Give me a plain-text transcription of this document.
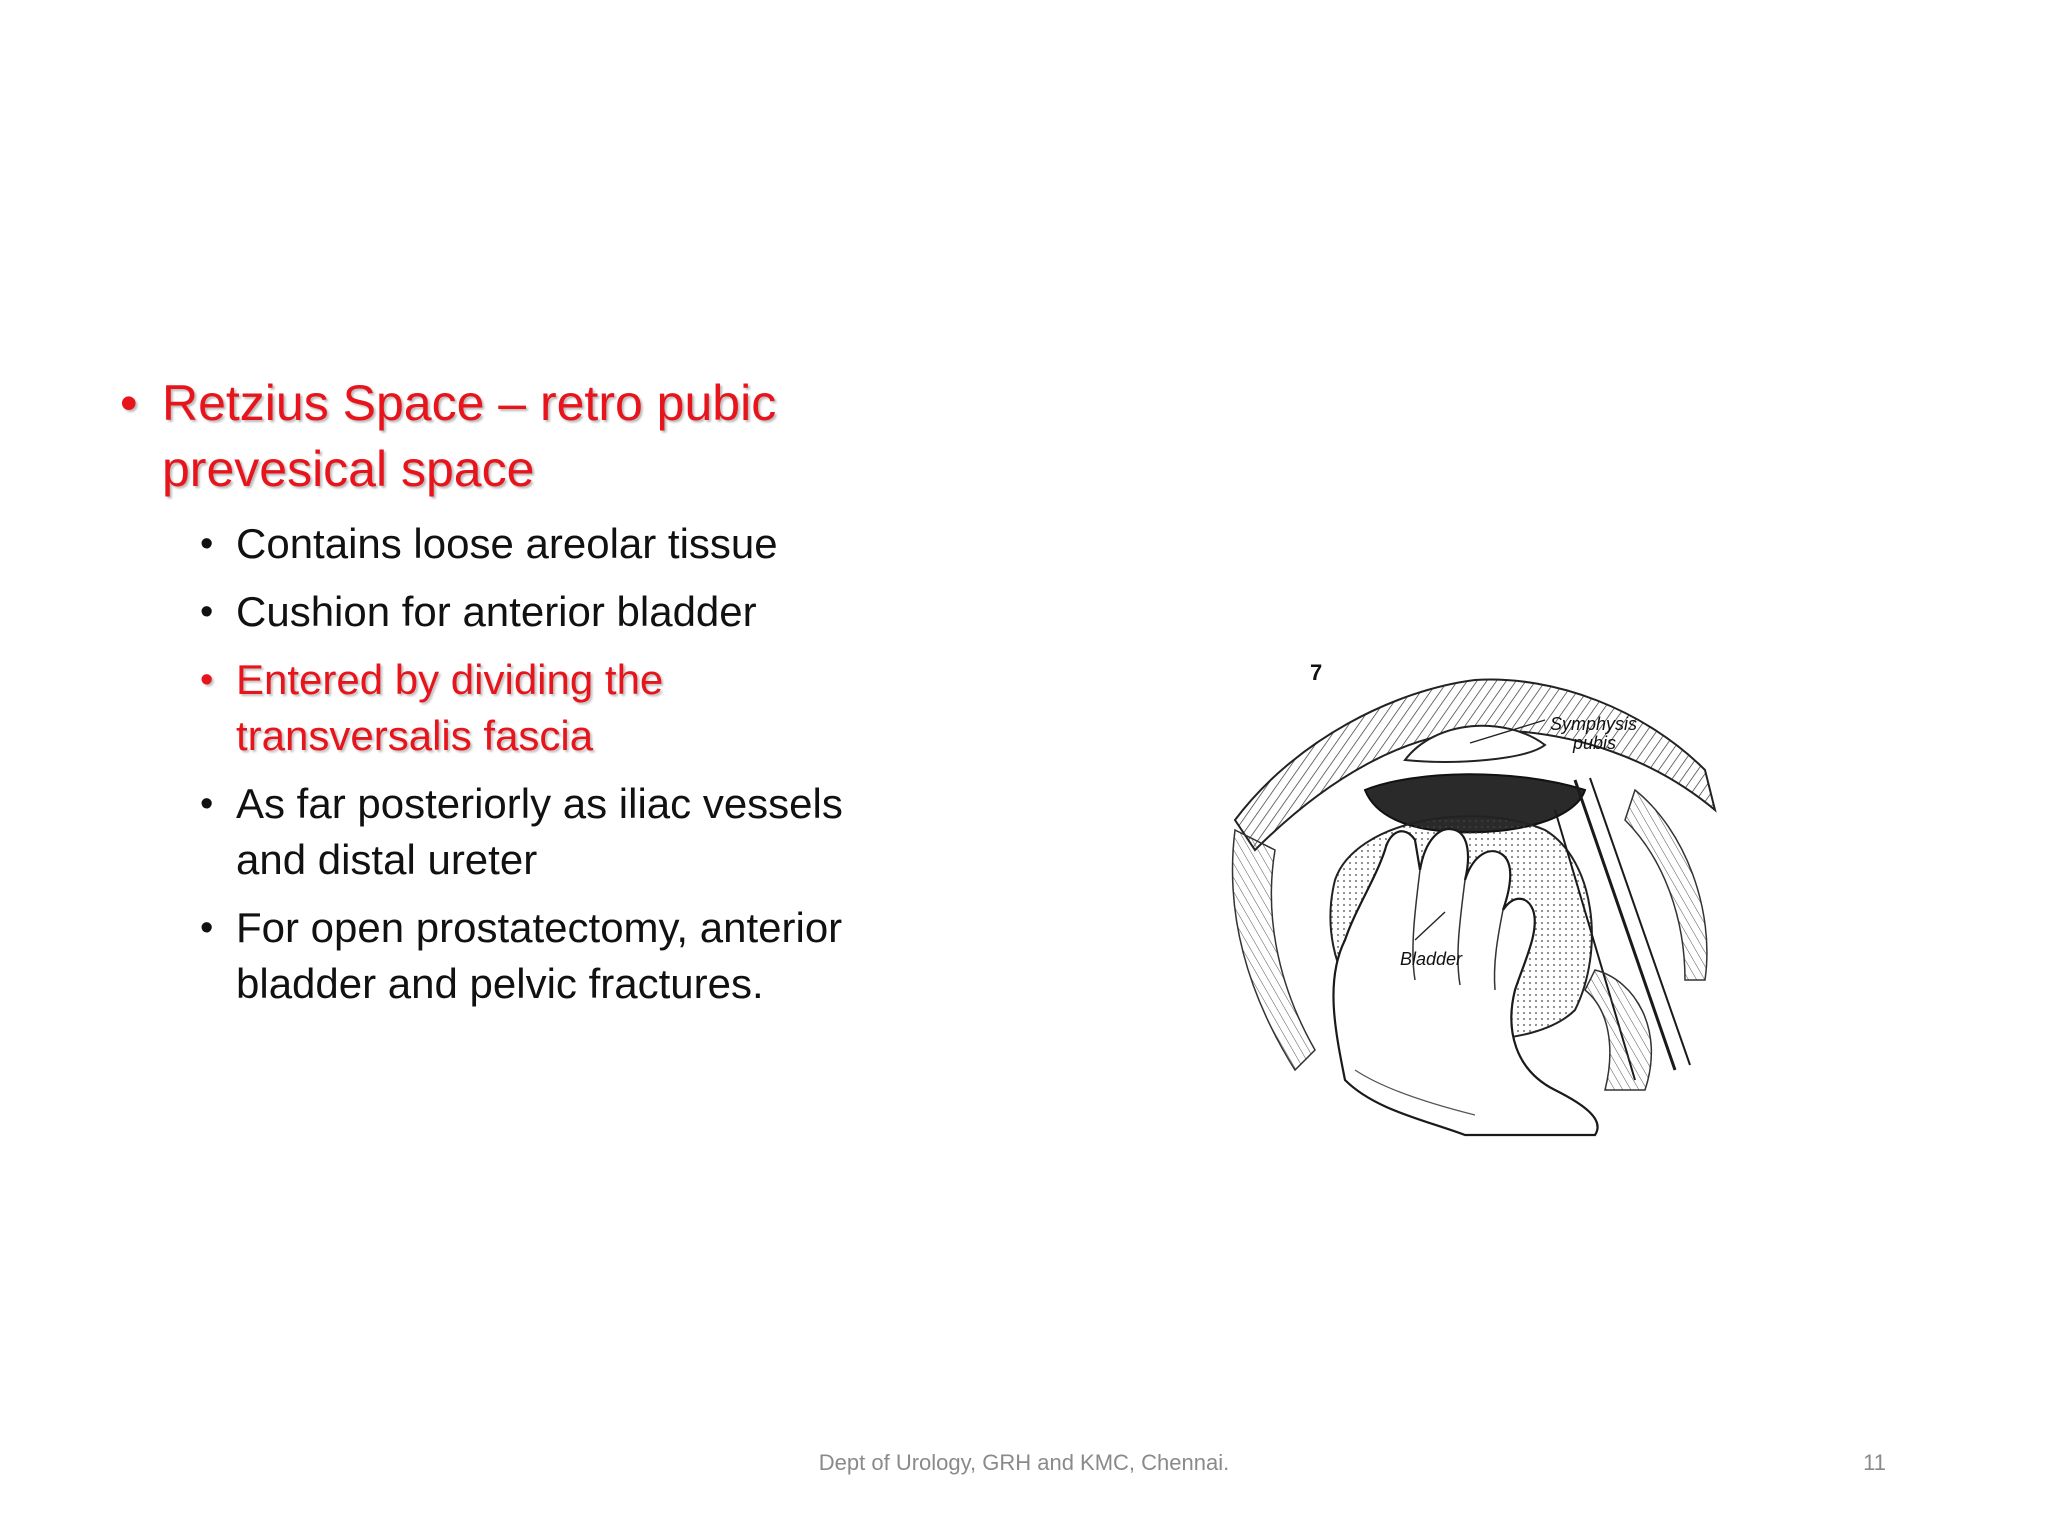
• Retzius Space – retro pubic
prevesical space
• Contains loose areolar tissue
• Cushion for anterior bladder
• Entered by dividing the
transversalis fascia
• As far posteriorly as iliac vessels
and distal ureter
• For open prostatectomy, anterior
bladder and pelvic fractures.
7
Symphysis
pubis
Bladder
Dept of Urology, GRH and KMC, Chennai.	11
